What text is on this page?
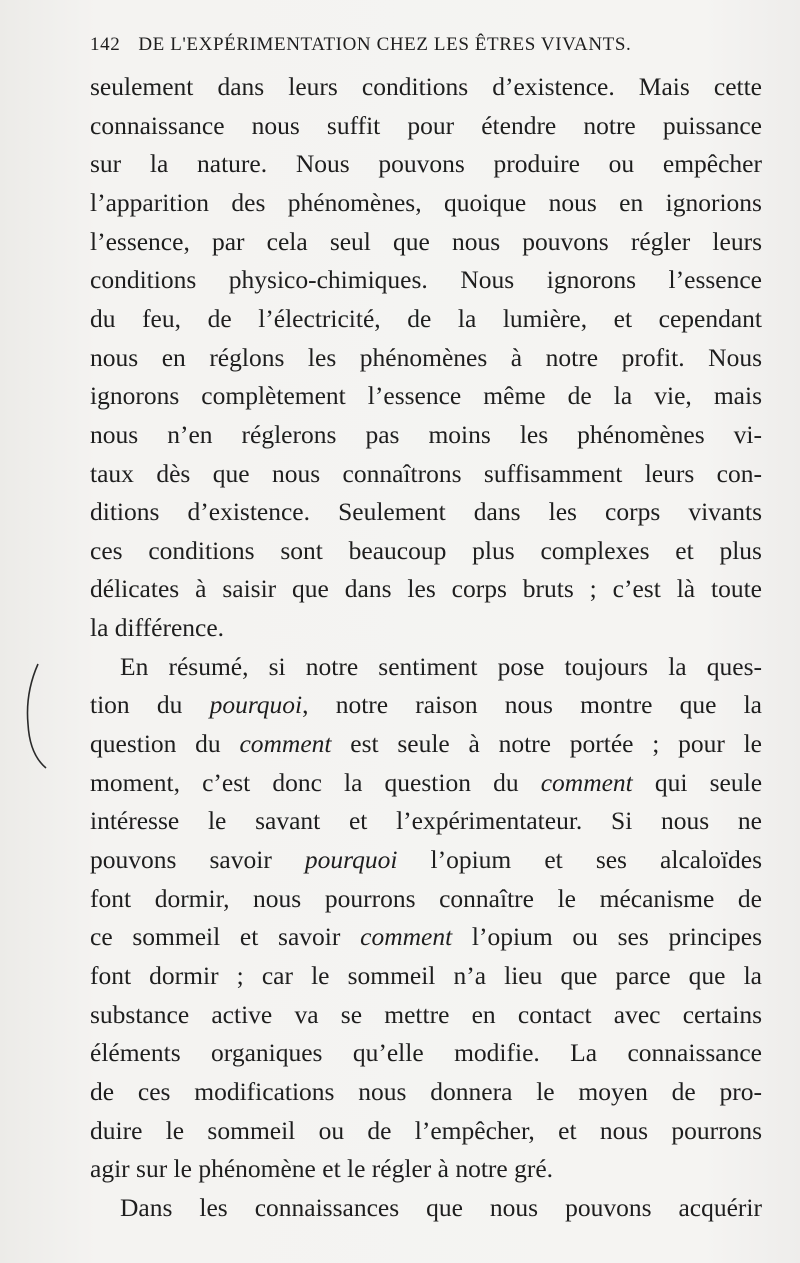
142 DE L'EXPÉRIMENTATION CHEZ LES ÊTRES VIVANTS.
seulement dans leurs conditions d’existence. Mais cette
connaissance nous suffit pour étendre notre puissance
sur la nature. Nous pouvons produire ou empêcher
l’apparition des phénomènes, quoique nous en ignorions
l’essence, par cela seul que nous pouvons régler leurs
conditions physico-chimiques. Nous ignorons l’essence
du feu, de l’électricité, de la lumière, et cependant
nous en réglons les phénomènes à notre profit. Nous
ignorons complètement l’essence même de la vie, mais
nous n’en réglerons pas moins les phénomènes vi-
taux dès que nous connaîtrons suffisamment leurs con-
ditions d’existence. Seulement dans les corps vivants
ces conditions sont beaucoup plus complexes et plus
délicates à saisir que dans les corps bruts ; c’est là toute
la différence.
En résumé, si notre sentiment pose toujours la ques-
tion du pourquoi, notre raison nous montre que la
question du comment est seule à notre portée ; pour le
moment, c’est donc la question du comment qui seule
intéresse le savant et l’expérimentateur. Si nous ne
pouvons savoir pourquoi l’opium et ses alcaloïdes
font dormir, nous pourrons connaître le mécanisme de
ce sommeil et savoir comment l’opium ou ses principes
font dormir ; car le sommeil n’a lieu que parce que la
substance active va se mettre en contact avec certains
éléments organiques qu’elle modifie. La connaissance
de ces modifications nous donnera le moyen de pro-
duire le sommeil ou de l’empêcher, et nous pourrons
agir sur le phénomène et le régler à notre gré.
Dans les connaissances que nous pouvons acquérir
